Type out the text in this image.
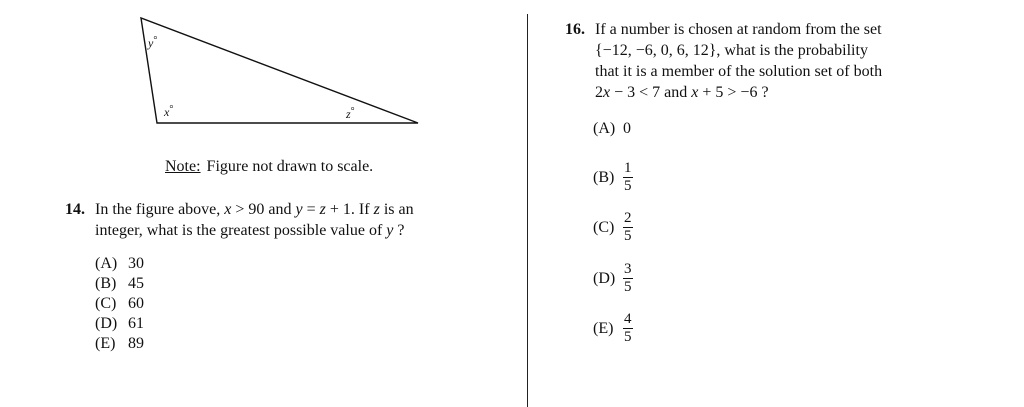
y°
x°	z°
Note: Figure not drawn to scale.
14. In the figure above, x > 90 and y = z + 1. If z is an
integer, what is the greatest possible value of y ?
(A) 30
(B) 45
(C) 60
(D) 61
(E) 89
16. If a number is chosen at random from the set
{−12, −6, 0, 6, 12}, what is the probability
that it is a member of the solution set of both
2x − 3 < 7 and x + 5 > −6 ?
(A) 0
$(B) \frac{1}{5}$
$(C) \frac{2}{5}$
$(D) \frac{3}{5}$
$(E) \frac{4}{5}$
